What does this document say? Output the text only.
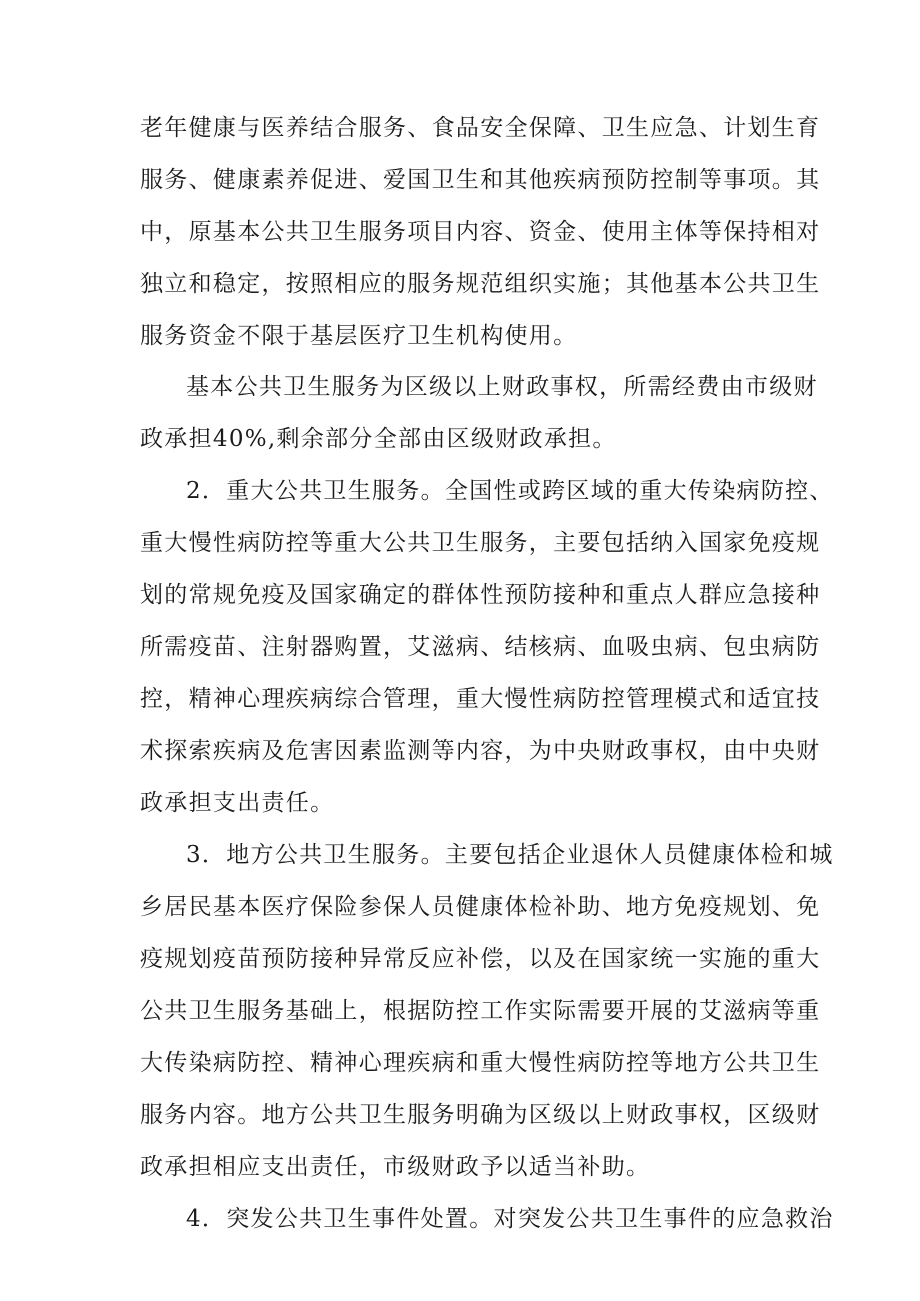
老年健康与医养结合服务、食品安全保障、卫生应急、计划生育
服务、健康素养促进、爱国卫生和其他疾病预防控制等事项。其
中，原基本公共卫生服务项目内容、资金、使用主体等保持相对
独立和稳定，按照相应的服务规范组织实施；其他基本公共卫生
服务资金不限于基层医疗卫生机构使用。
基本公共卫生服务为区级以上财政事权，所需经费由市级财
政承担40%,剩余部分全部由区级财政承担。
2．重大公共卫生服务。全国性或跨区域的重大传染病防控、
重大慢性病防控等重大公共卫生服务，主要包括纳入国家免疫规
划的常规免疫及国家确定的群体性预防接种和重点人群应急接种
所需疫苗、注射器购置，艾滋病、结核病、血吸虫病、包虫病防
控，精神心理疾病综合管理，重大慢性病防控管理模式和适宜技
术探索疾病及危害因素监测等内容，为中央财政事权，由中央财
政承担支出责任。
3．地方公共卫生服务。主要包括企业退休人员健康体检和城
乡居民基本医疗保险参保人员健康体检补助、地方免疫规划、免
疫规划疫苗预防接种异常反应补偿，以及在国家统一实施的重大
公共卫生服务基础上，根据防控工作实际需要开展的艾滋病等重
大传染病防控、精神心理疾病和重大慢性病防控等地方公共卫生
服务内容。地方公共卫生服务明确为区级以上财政事权，区级财
政承担相应支出责任，市级财政予以适当补助。
4．突发公共卫生事件处置。对突发公共卫生事件的应急救治
